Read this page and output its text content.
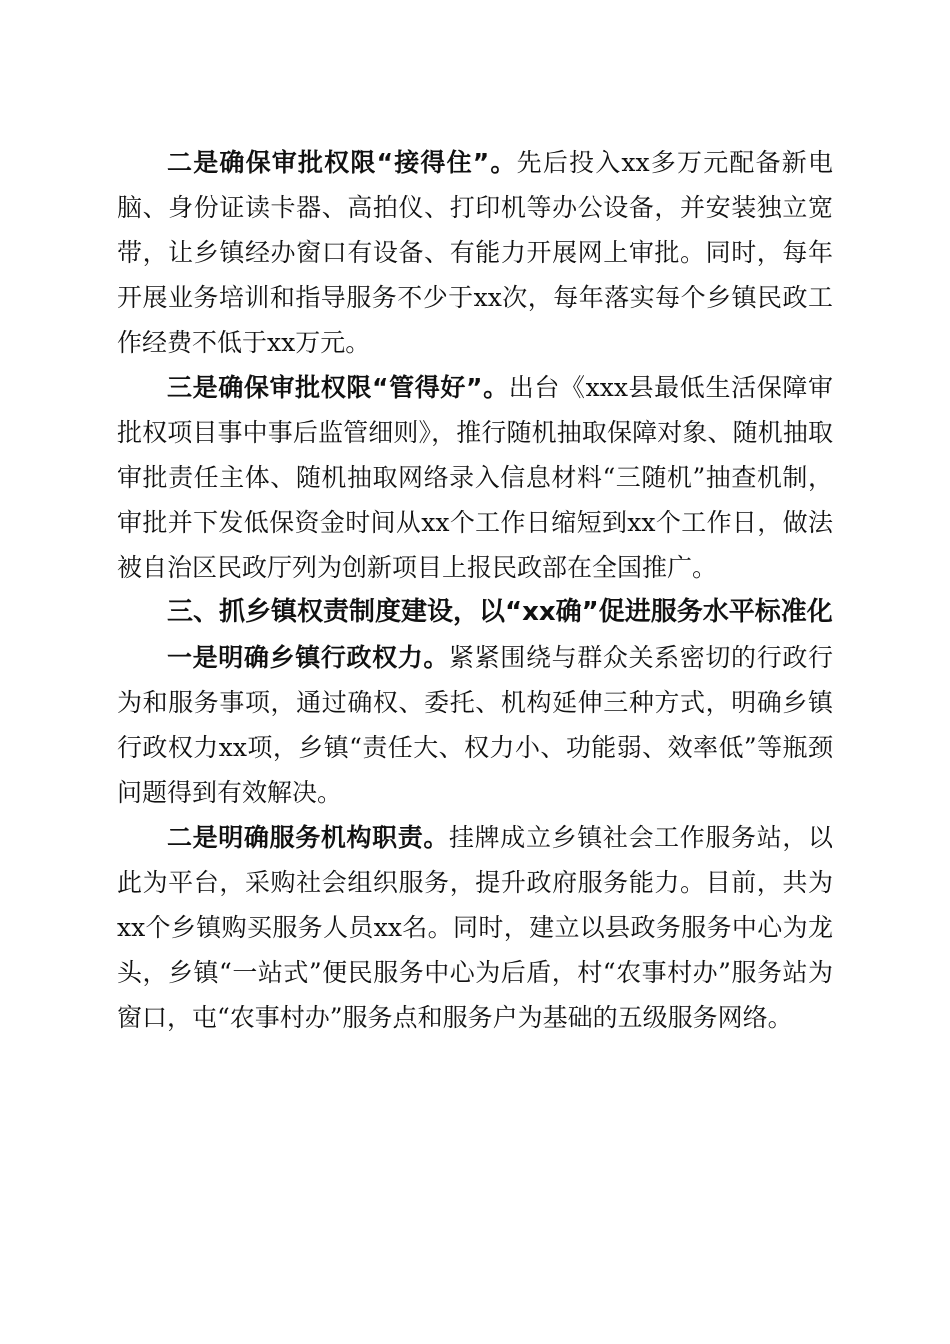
二是确保审批权限“接得住”。先后投入xx多万元配备新电脑、身份证读卡器、高拍仪、打印机等办公设备，并安装独立宽带，让乡镇经办窗口有设备、有能力开展网上审批。同时，每年开展业务培训和指导服务不少于xx次，每年落实每个乡镇民政工作经费不低于xx万元。

三是确保审批权限“管得好”。出台《xxx县最低生活保障审批权项目事中事后监管细则》，推行随机抽取保障对象、随机抽取审批责任主体、随机抽取网络录入信息材料“三随机”抽查机制，审批并下发低保资金时间从xx个工作日缩短到xx个工作日，做法被自治区民政厅列为创新项目上报民政部在全国推广。

三、抓乡镇权责制度建设，以“xx确”促进服务水平标准化

一是明确乡镇行政权力。紧紧围绕与群众关系密切的行政行为和服务事项，通过确权、委托、机构延伸三种方式，明确乡镇行政权力xx项，乡镇“责任大、权力小、功能弱、效率低”等瓶颈问题得到有效解决。

二是明确服务机构职责。挂牌成立乡镇社会工作服务站，以此为平台，采购社会组织服务，提升政府服务能力。目前，共为xx个乡镇购买服务人员xx名。同时，建立以县政务服务中心为龙头，乡镇“一站式”便民服务中心为后盾，村“农事村办”服务站为窗口，屯“农事村办”服务点和服务户为基础的五级服务网络。
